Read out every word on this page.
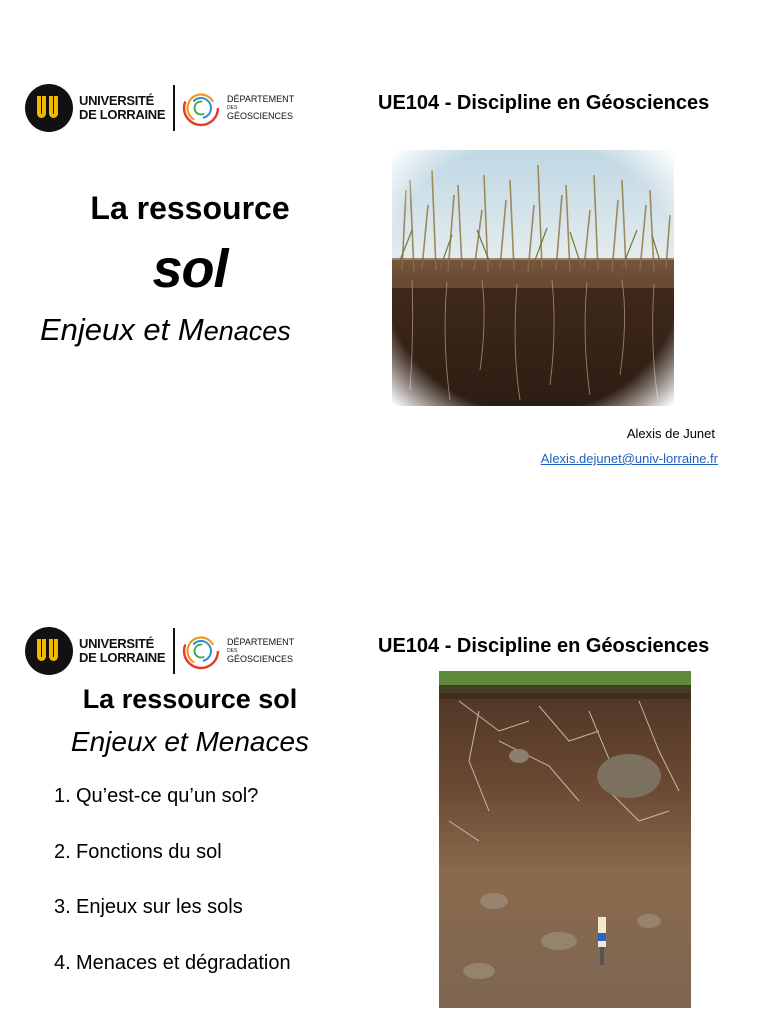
UNIVERSITÉ
DE LORRAINE
DÉPARTEMENT
DES
GÉOSCIENCES
UE104 - Discipline en Géosciences
La ressource
sol
Enjeux et Menaces
Alexis de Junet
Alexis.dejunet@univ-lorraine.fr
UNIVERSITÉ
DE LORRAINE
DÉPARTEMENT
DES
GÉOSCIENCES
UE104 - Discipline en Géosciences
La ressource sol
Enjeux et Menaces
1. Qu’est-ce qu’un sol?
2. Fonctions du sol
3. Enjeux sur les sols
4. Menaces et dégradation
